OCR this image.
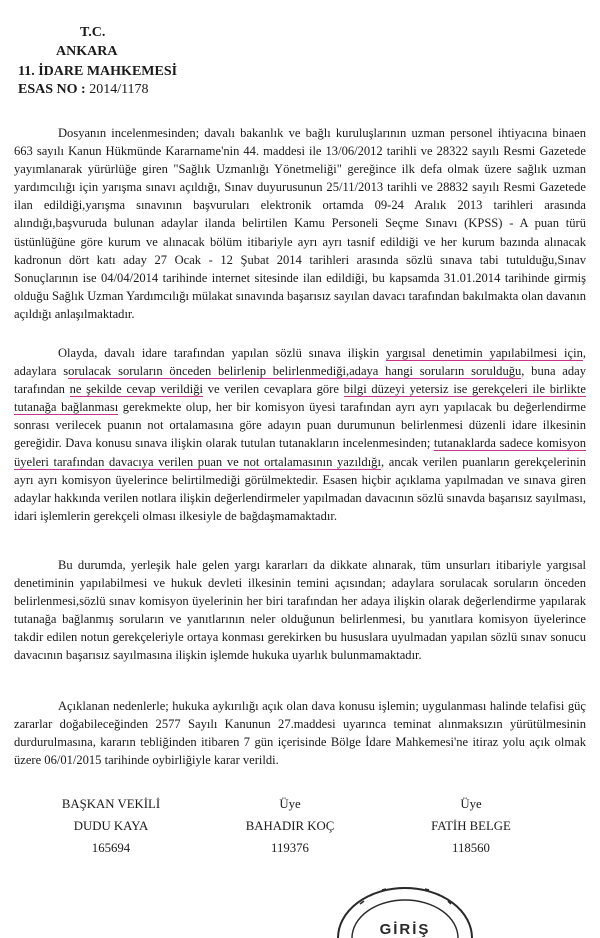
T.C.
ANKARA
11. İDARE MAHKEMESİ
ESAS NO : 2014/1178

Dosyanın incelenmesinden; davalı bakanlık ve bağlı kuruluşlarının uzman personel ihtiyacına binaen 663 sayılı Kanun Hükmünde Kararname'nin 44. maddesi ile 13/06/2012 tarihli ve 28322 sayılı Resmi Gazetede yayımlanarak yürürlüğe giren "Sağlık Uzmanlığı Yönetmeliği" gereğince ilk defa olmak üzere sağlık uzman yardımcılığı için yarışma sınavı açıldığı, Sınav duyurusunun 25/11/2013 tarihli ve 28832 sayılı Resmi Gazetede ilan edildiği,yarışma sınavının başvuruları elektronik ortamda 09-24 Aralık 2013 tarihleri arasında alındığı,başvuruda bulunan adaylar ilanda belirtilen Kamu Personeli Seçme Sınavı (KPSS) - A puan türü üstünlüğüne göre kurum ve alınacak bölüm itibariyle ayrı ayrı tasnif edildiği ve her kurum bazında alınacak kadronun dört katı aday 27 Ocak - 12 Şubat 2014 tarihleri arasında sözlü sınava tabi tutulduğu,Sınav Sonuçlarının ise 04/04/2014 tarihinde internet sitesinde ilan edildiği, bu kapsamda 31.01.2014 tarihinde girmiş olduğu Sağlık Uzman Yardımcılığı mülakat sınavında başarısız sayılan davacı tarafından bakılmakta olan davanın açıldığı anlaşılmaktadır.

Olayda, davalı idare tarafından yapılan sözlü sınava ilişkin yargısal denetimin yapılabilmesi için, adaylara sorulacak soruların önceden belirlenip belirlenmediği,adaya hangi soruların sorulduğu, buna aday tarafından ne şekilde cevap verildiği ve verilen cevaplara göre bilgi düzeyi yetersiz ise gerekçeleri ile birlikte tutanağa bağlanması gerekmekte olup, her bir komisyon üyesi tarafından ayrı ayrı yapılacak bu değerlendirme sonrası verilecek puanın not ortalamasına göre adayın puan durumunun belirlenmesi düzenli idare ilkesinin gereğidir. Dava konusu sınava ilişkin olarak tutulan tutanakların incelenmesinden; tutanaklarda sadece komisyon üyeleri tarafından davacıya verilen puan ve not ortalamasının yazıldığı, ancak verilen puanların gerekçelerinin ayrı ayrı komisyon üyelerince belirtilmediği görülmektedir. Esasen hiçbir açıklama yapılmadan ve sınava giren adaylar hakkında verilen notlara ilişkin değerlendirmeler yapılmadan davacının sözlü sınavda başarısız sayılması, idari işlemlerin gerekçeli olması ilkesiyle de bağdaşmamaktadır.

Bu durumda, yerleşik hale gelen yargı kararları da dikkate alınarak, tüm unsurları itibariyle yargısal denetiminin yapılabilmesi ve hukuk devleti ilkesinin temini açısından; adaylara sorulacak soruların önceden belirlenmesi,sözlü sınav komisyon üyelerinin her biri tarafından her adaya ilişkin olarak değerlendirme yapılarak tutanağa bağlanmış soruların ve yanıtlarının neler olduğunun belirlenmesi, bu yanıtlara komisyon üyelerince takdir edilen notun gerekçeleriyle ortaya konması gerekirken bu hususlara uyulmadan yapılan sözlü sınav sonucu davacının başarısız sayılmasına ilişkin işlemde hukuka uyarlık bulunmamaktadır.

Açıklanan nedenlerle; hukuka aykırılığı açık olan dava konusu işlemin; uygulanması halinde telafisi güç zararlar doğabileceğinden 2577 Sayılı Kanunun 27.maddesi uyarınca teminat alınmaksızın yürütülmesinin durdurulmasına, kararın tebliğinden itibaren 7 gün içerisinde Bölge İdare Mahkemesi'ne itiraz yolu açık olmak üzere 06/01/2015 tarihinde oybirliğiyle karar verildi.

BAŞKAN VEKİLİ
DUDU KAYA
165694
Üye
BAHADIR KOÇ
119376
Üye
FATİH BELGE
118560
GİRİŞ
